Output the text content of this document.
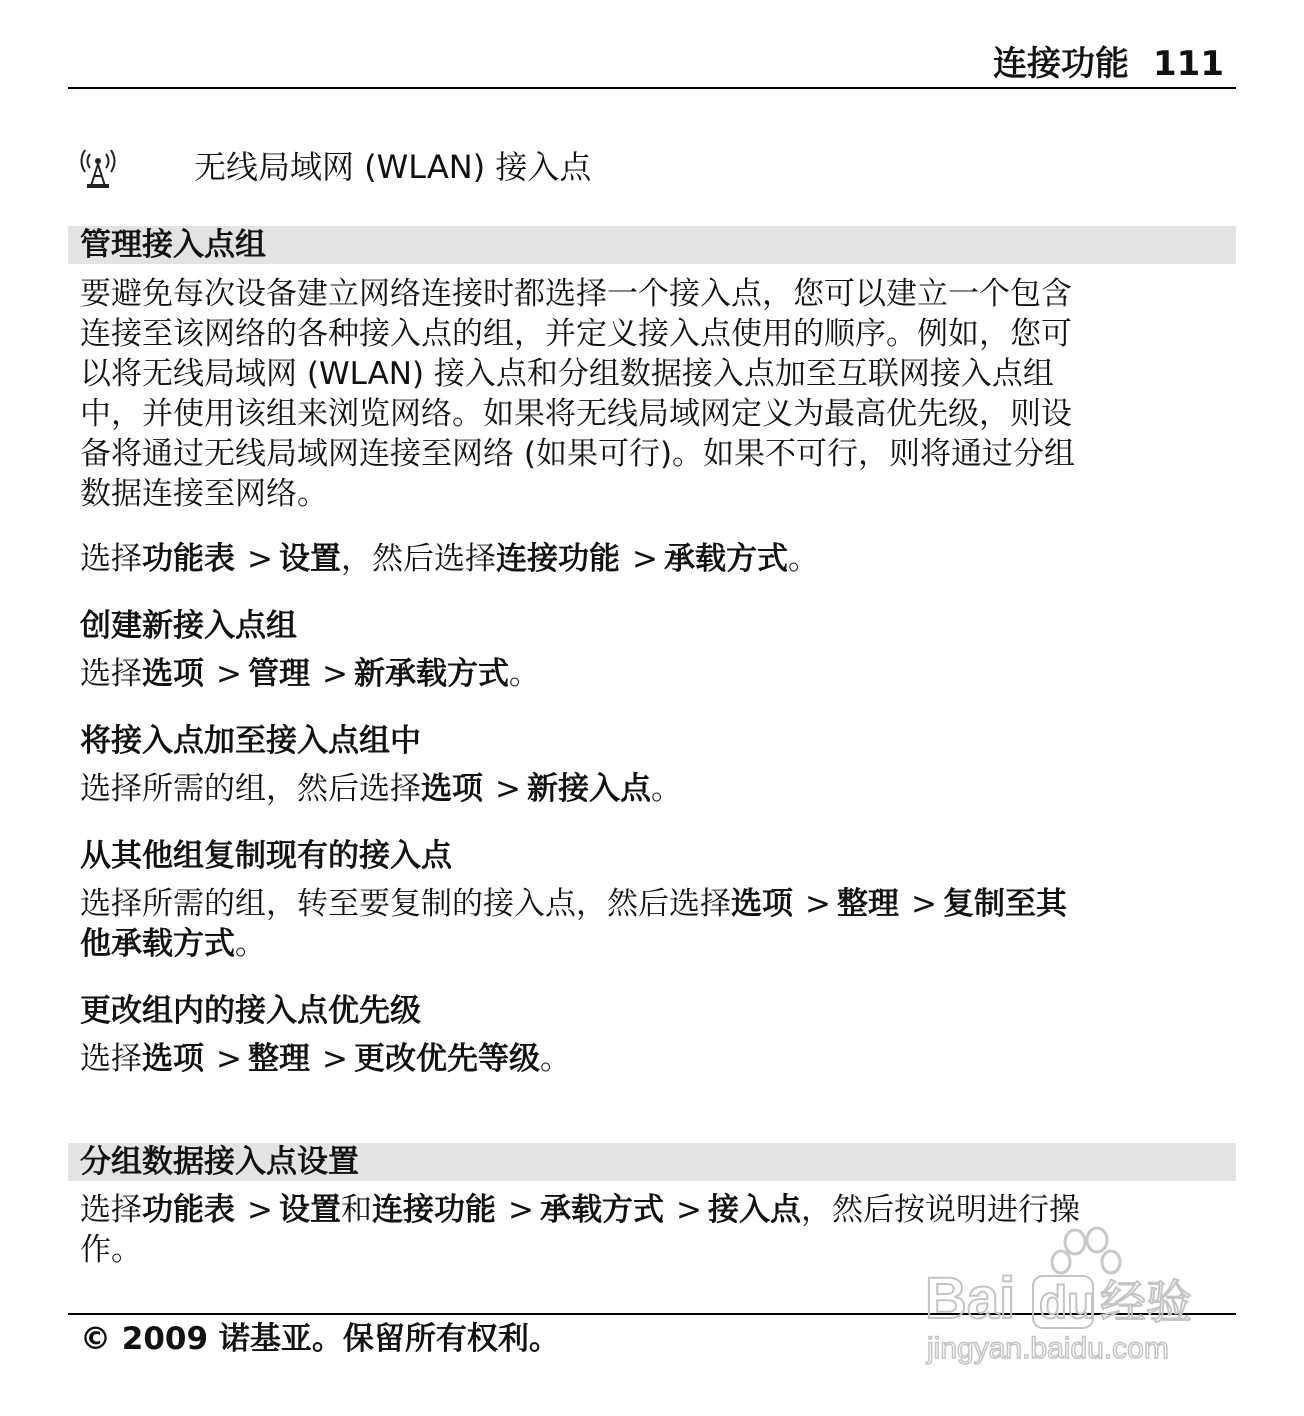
连接功能 111
无线局域网 (WLAN) 接入点
管理接入点组
要避免每次设备建立网络连接时都选择一个接入点，您可以建立一个包含
连接至该网络的各种接入点的组，并定义接入点使用的顺序。例如，您可
以将无线局域网 (WLAN) 接入点和分组数据接入点加至互联网接入点组
中，并使用该组来浏览网络。如果将无线局域网定义为最高优先级，则设
备将通过无线局域网连接至网络 (如果可行)。如果不可行，则将通过分组
数据连接至网络。
选择功能表 > 设置，然后选择连接功能 > 承载方式。
创建新接入点组
选择选项 > 管理 > 新承载方式。
将接入点加至接入点组中
选择所需的组，然后选择选项 > 新接入点。
从其他组复制现有的接入点
选择所需的组，转至要复制的接入点，然后选择选项 > 整理 > 复制至其
他承载方式。
更改组内的接入点优先级
选择选项 > 整理 > 更改优先等级。
分组数据接入点设置
选择功能表 > 设置和连接功能 > 承载方式 > 接入点，然后按说明进行操
作。
© 2009 诺基亚。保留所有权利。
Bai du 经验
jingyan.baidu.com
